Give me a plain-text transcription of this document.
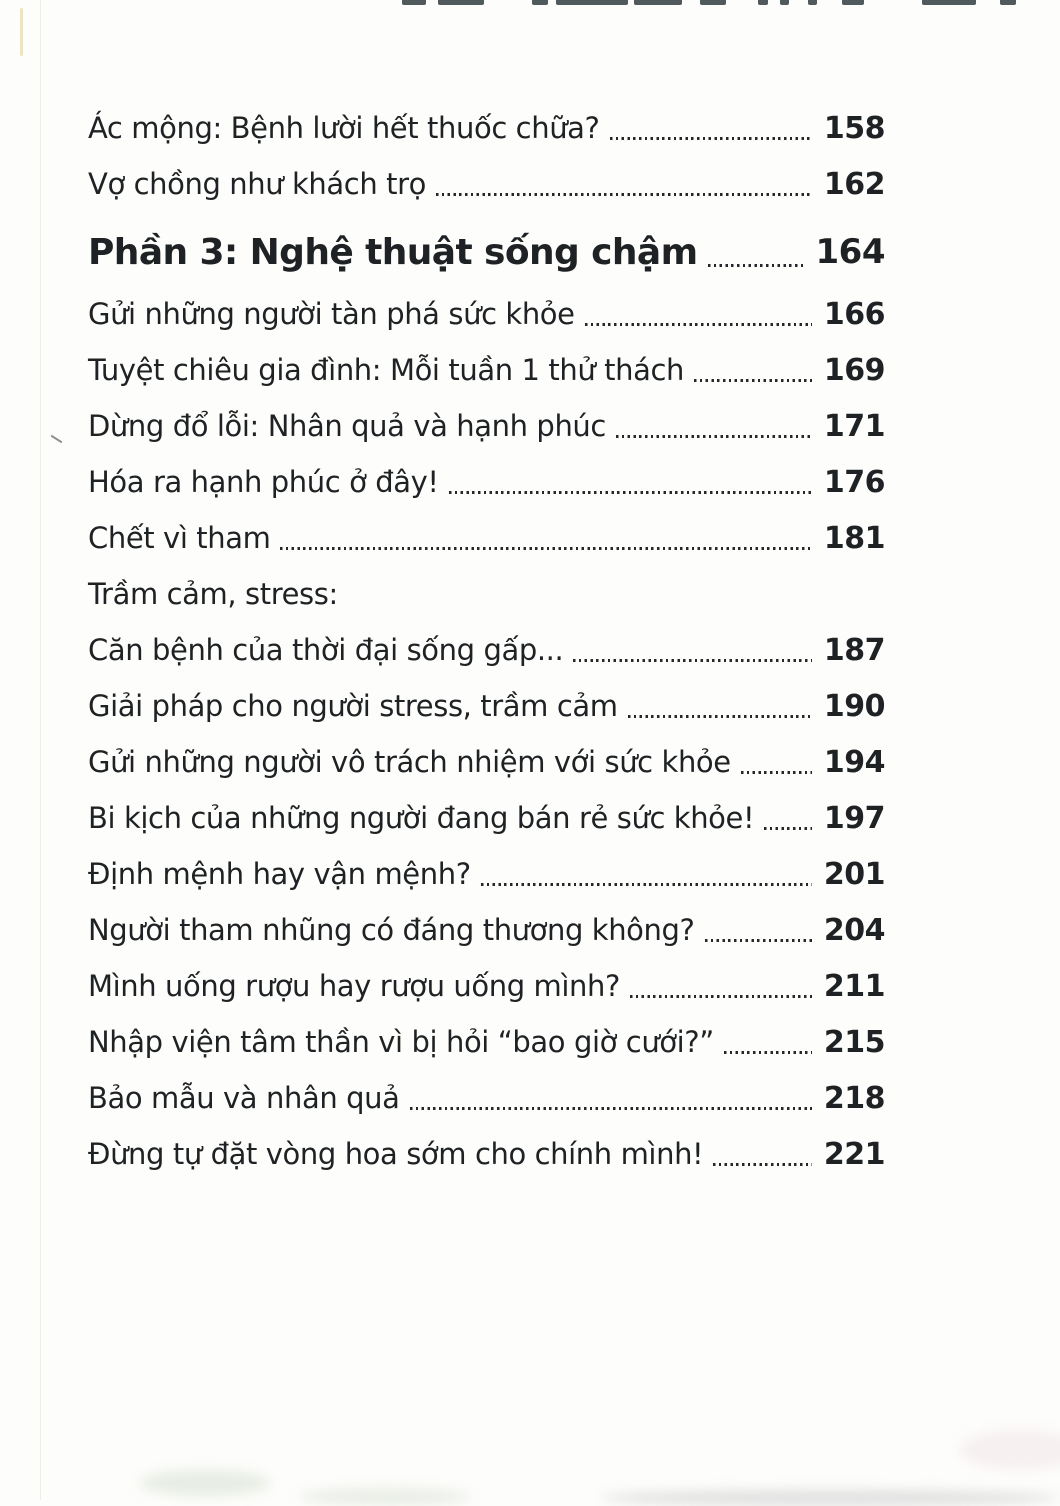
Ác mộng: Bệnh lười hết thuốc chữa?	158
Vợ chồng như khách trọ	162
Phần 3: Nghệ thuật sống chậm	164
Gửi những người tàn phá sức khỏe	166
Tuyệt chiêu gia đình: Mỗi tuần 1 thử thách	169
Dừng đổ lỗi: Nhân quả và hạnh phúc	171
Hóa ra hạnh phúc ở đây!	176
Chết vì tham	181
Trầm cảm, stress:
Căn bệnh của thời đại sống gấp...	187
Giải pháp cho người stress, trầm cảm	190
Gửi những người vô trách nhiệm với sức khỏe	194
Bi kịch của những người đang bán rẻ sức khỏe! 197
Định mệnh hay vận mệnh?	201
Người tham nhũng có đáng thương không?	204
Mình uống rượu hay rượu uống mình?	211
Nhập viện tâm thần vì bị hỏi “bao giờ cưới?”	215
Bảo mẫu và nhân quả	218
Đừng tự đặt vòng hoa sớm cho chính mình!	221
